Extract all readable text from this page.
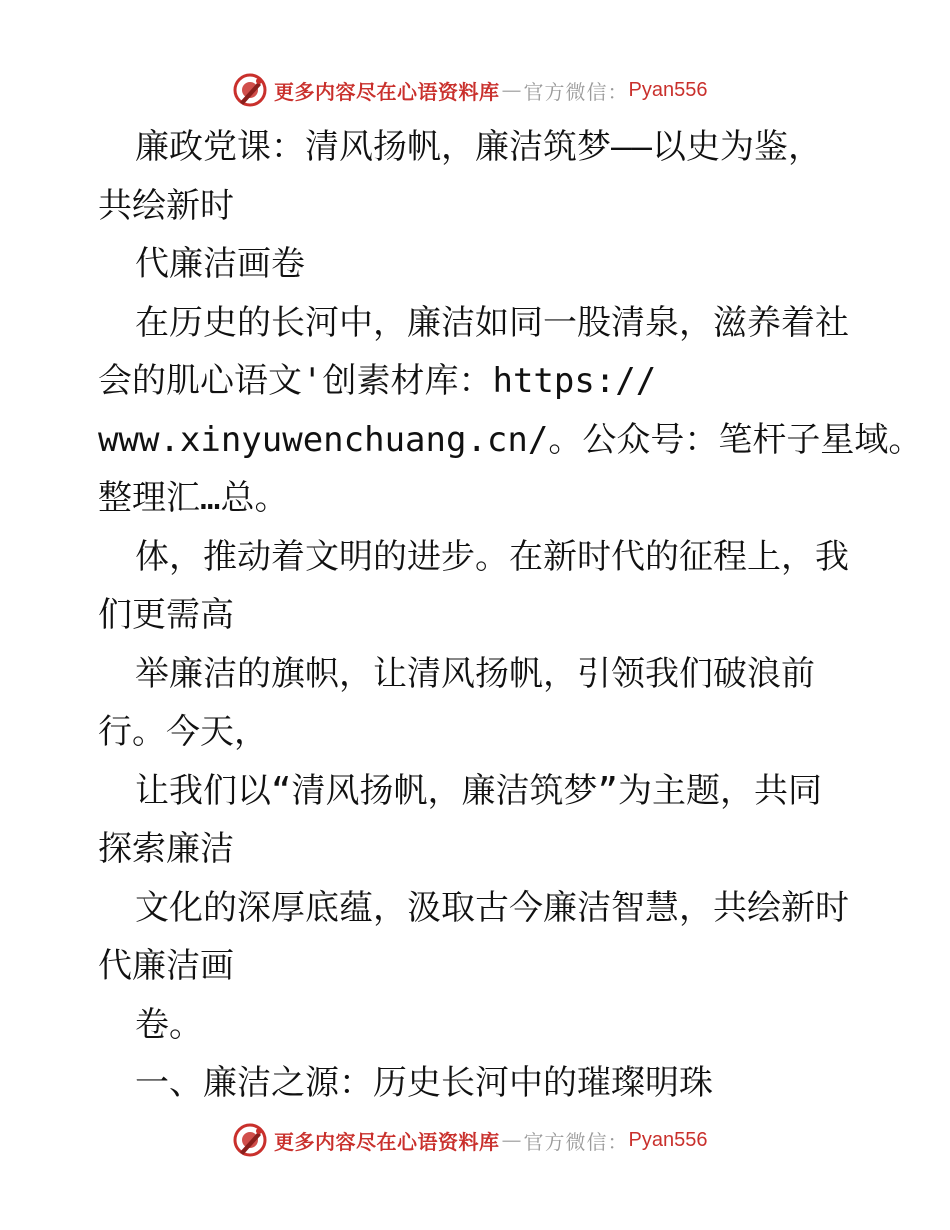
更多内容尽在心语资料库 — 官方微信： Pyan556
廉政党课：清风扬帆，廉洁筑梦——以史为鉴，
共绘新时
代廉洁画卷
在历史的长河中，廉洁如同一股清泉，滋养着社
会的肌心语文'创素材库：https://
www.xinyuwenchuang.cn/。公众号：笔杆子星域。
整理汇…总。
体，推动着文明的进步。在新时代的征程上，我
们更需高
举廉洁的旗帜，让清风扬帆，引领我们破浪前
行。今天，
让我们以“清风扬帆，廉洁筑梦”为主题，共同
探索廉洁
文化的深厚底蕴，汲取古今廉洁智慧，共绘新时
代廉洁画
卷。
一、廉洁之源：历史长河中的璀璨明珠
更多内容尽在心语资料库 — 官方微信： Pyan556
